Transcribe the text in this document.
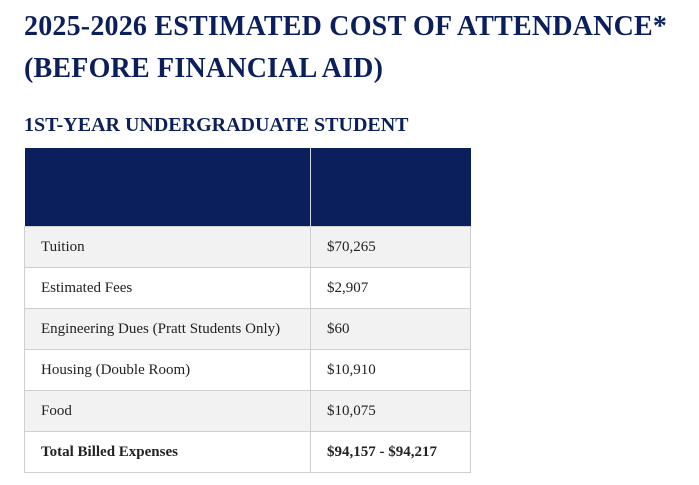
2025-2026 ESTIMATED COST OF ATTENDANCE*
(BEFORE FINANCIAL AID)
1ST-YEAR UNDERGRADUATE STUDENT

Tuition	$70,265
Estimated Fees	$2,907
Engineering Dues (Pratt Students Only)	$60
Housing (Double Room)	$10,910
Food	$10,075
Total Billed Expenses	$94,157 - $94,217
